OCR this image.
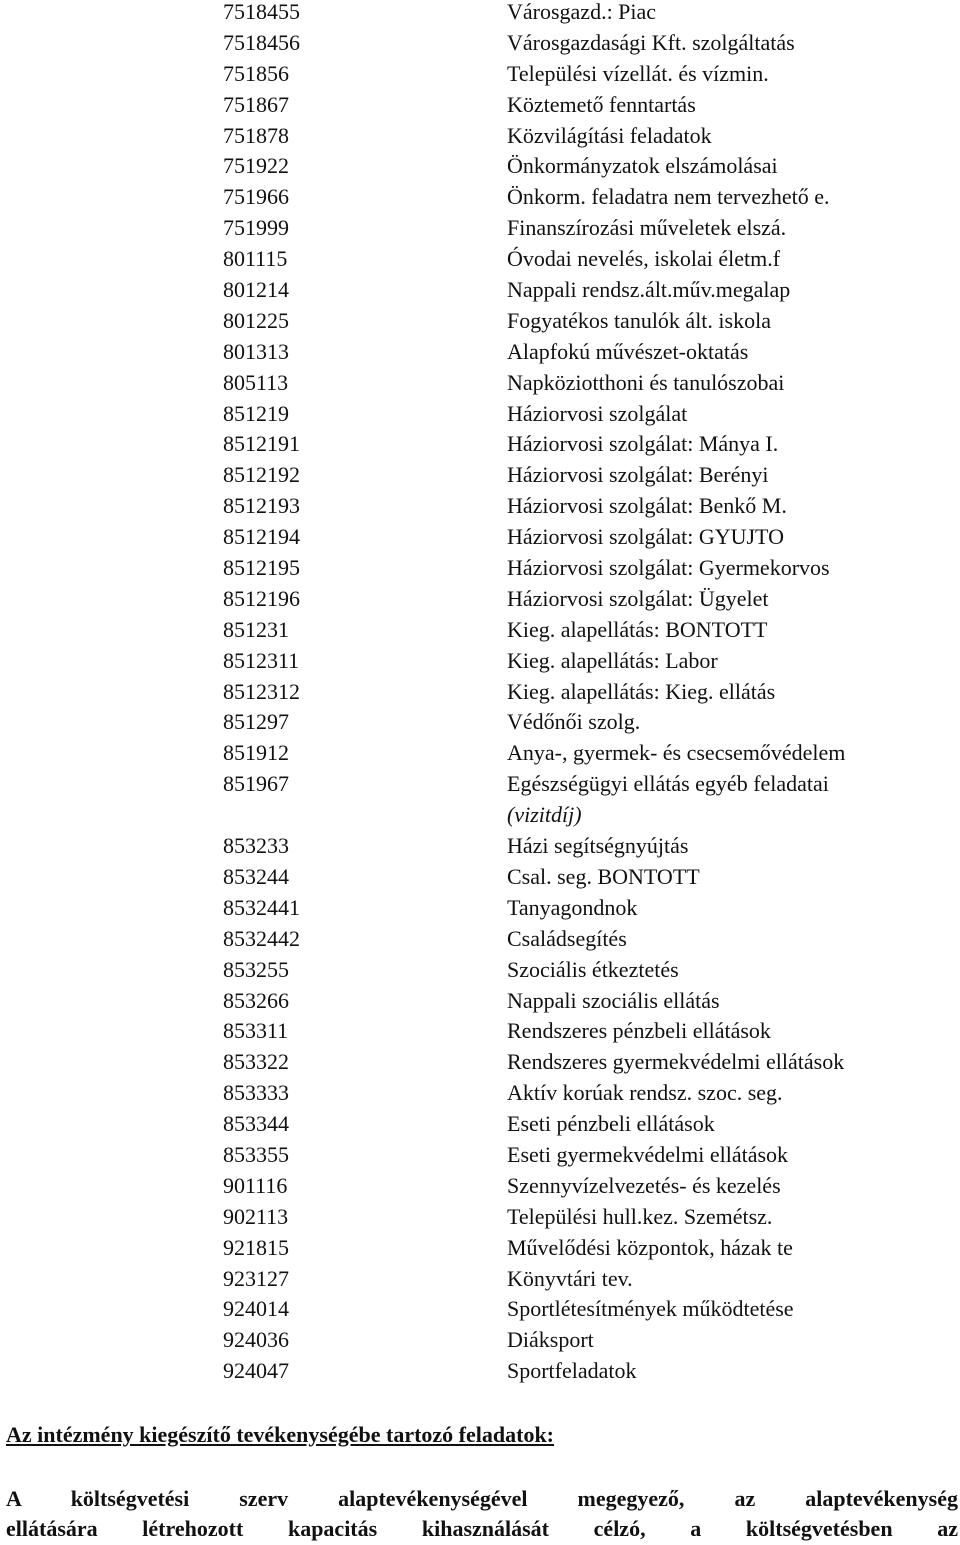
7518455	Városgazd.: Piac
7518456	Városgazdasági Kft. szolgáltatás
751856	Települési vízellát. és vízmin.
751867	Köztemető fenntartás
751878	Közvilágítási feladatok
751922	Önkormányzatok elszámolásai
751966	Önkorm. feladatra nem tervezhető e.
751999	Finanszírozási műveletek elszá.
801115	Óvodai nevelés, iskolai életm.f
801214	Nappali rendsz.ált.műv.megalap
801225	Fogyatékos tanulók ált. iskola
801313	Alapfokú művészet-oktatás
805113	Napköziotthoni és tanulószobai
851219	Háziorvosi szolgálat
8512191	Háziorvosi szolgálat: Mánya I.
8512192	Háziorvosi szolgálat: Berényi
8512193	Háziorvosi szolgálat: Benkő M.
8512194	Háziorvosi szolgálat: GYUJTO
8512195	Háziorvosi szolgálat: Gyermekorvos
8512196	Háziorvosi szolgálat: Ügyelet
851231	Kieg. alapellátás: BONTOTT
8512311	Kieg. alapellátás: Labor
8512312	Kieg. alapellátás: Kieg. ellátás
851297	Védőnői szolg.
851912	Anya-, gyermek- és csecsemővédelem
851967	Egészségügyi ellátás egyéb feladatai
(vizitdíj)
853233	Házi segítségnyújtás
853244	Csal. seg. BONTOTT
8532441	Tanyagondnok
8532442	Családsegítés
853255	Szociális étkeztetés
853266	Nappali szociális ellátás
853311	Rendszeres pénzbeli ellátások
853322	Rendszeres gyermekvédelmi ellátások
853333	Aktív korúak rendsz. szoc. seg.
853344	Eseti pénzbeli ellátások
853355	Eseti gyermekvédelmi ellátások
901116	Szennyvízelvezetés- és kezelés
902113	Települési hull.kez. Szemétsz.
921815	Művelődési központok, házak te
923127	Könyvtári tev.
924014	Sportlétesítmények működtetése
924036	Diáksport
924047	Sportfeladatok
Az intézmény kiegészítő tevékenységébe tartozó feladatok:
A költségvetési szerv alaptevékenységével megegyező, az alaptevékenység
ellátására létrehozott kapacitás kihasználását célzó, a költségvetésben az
